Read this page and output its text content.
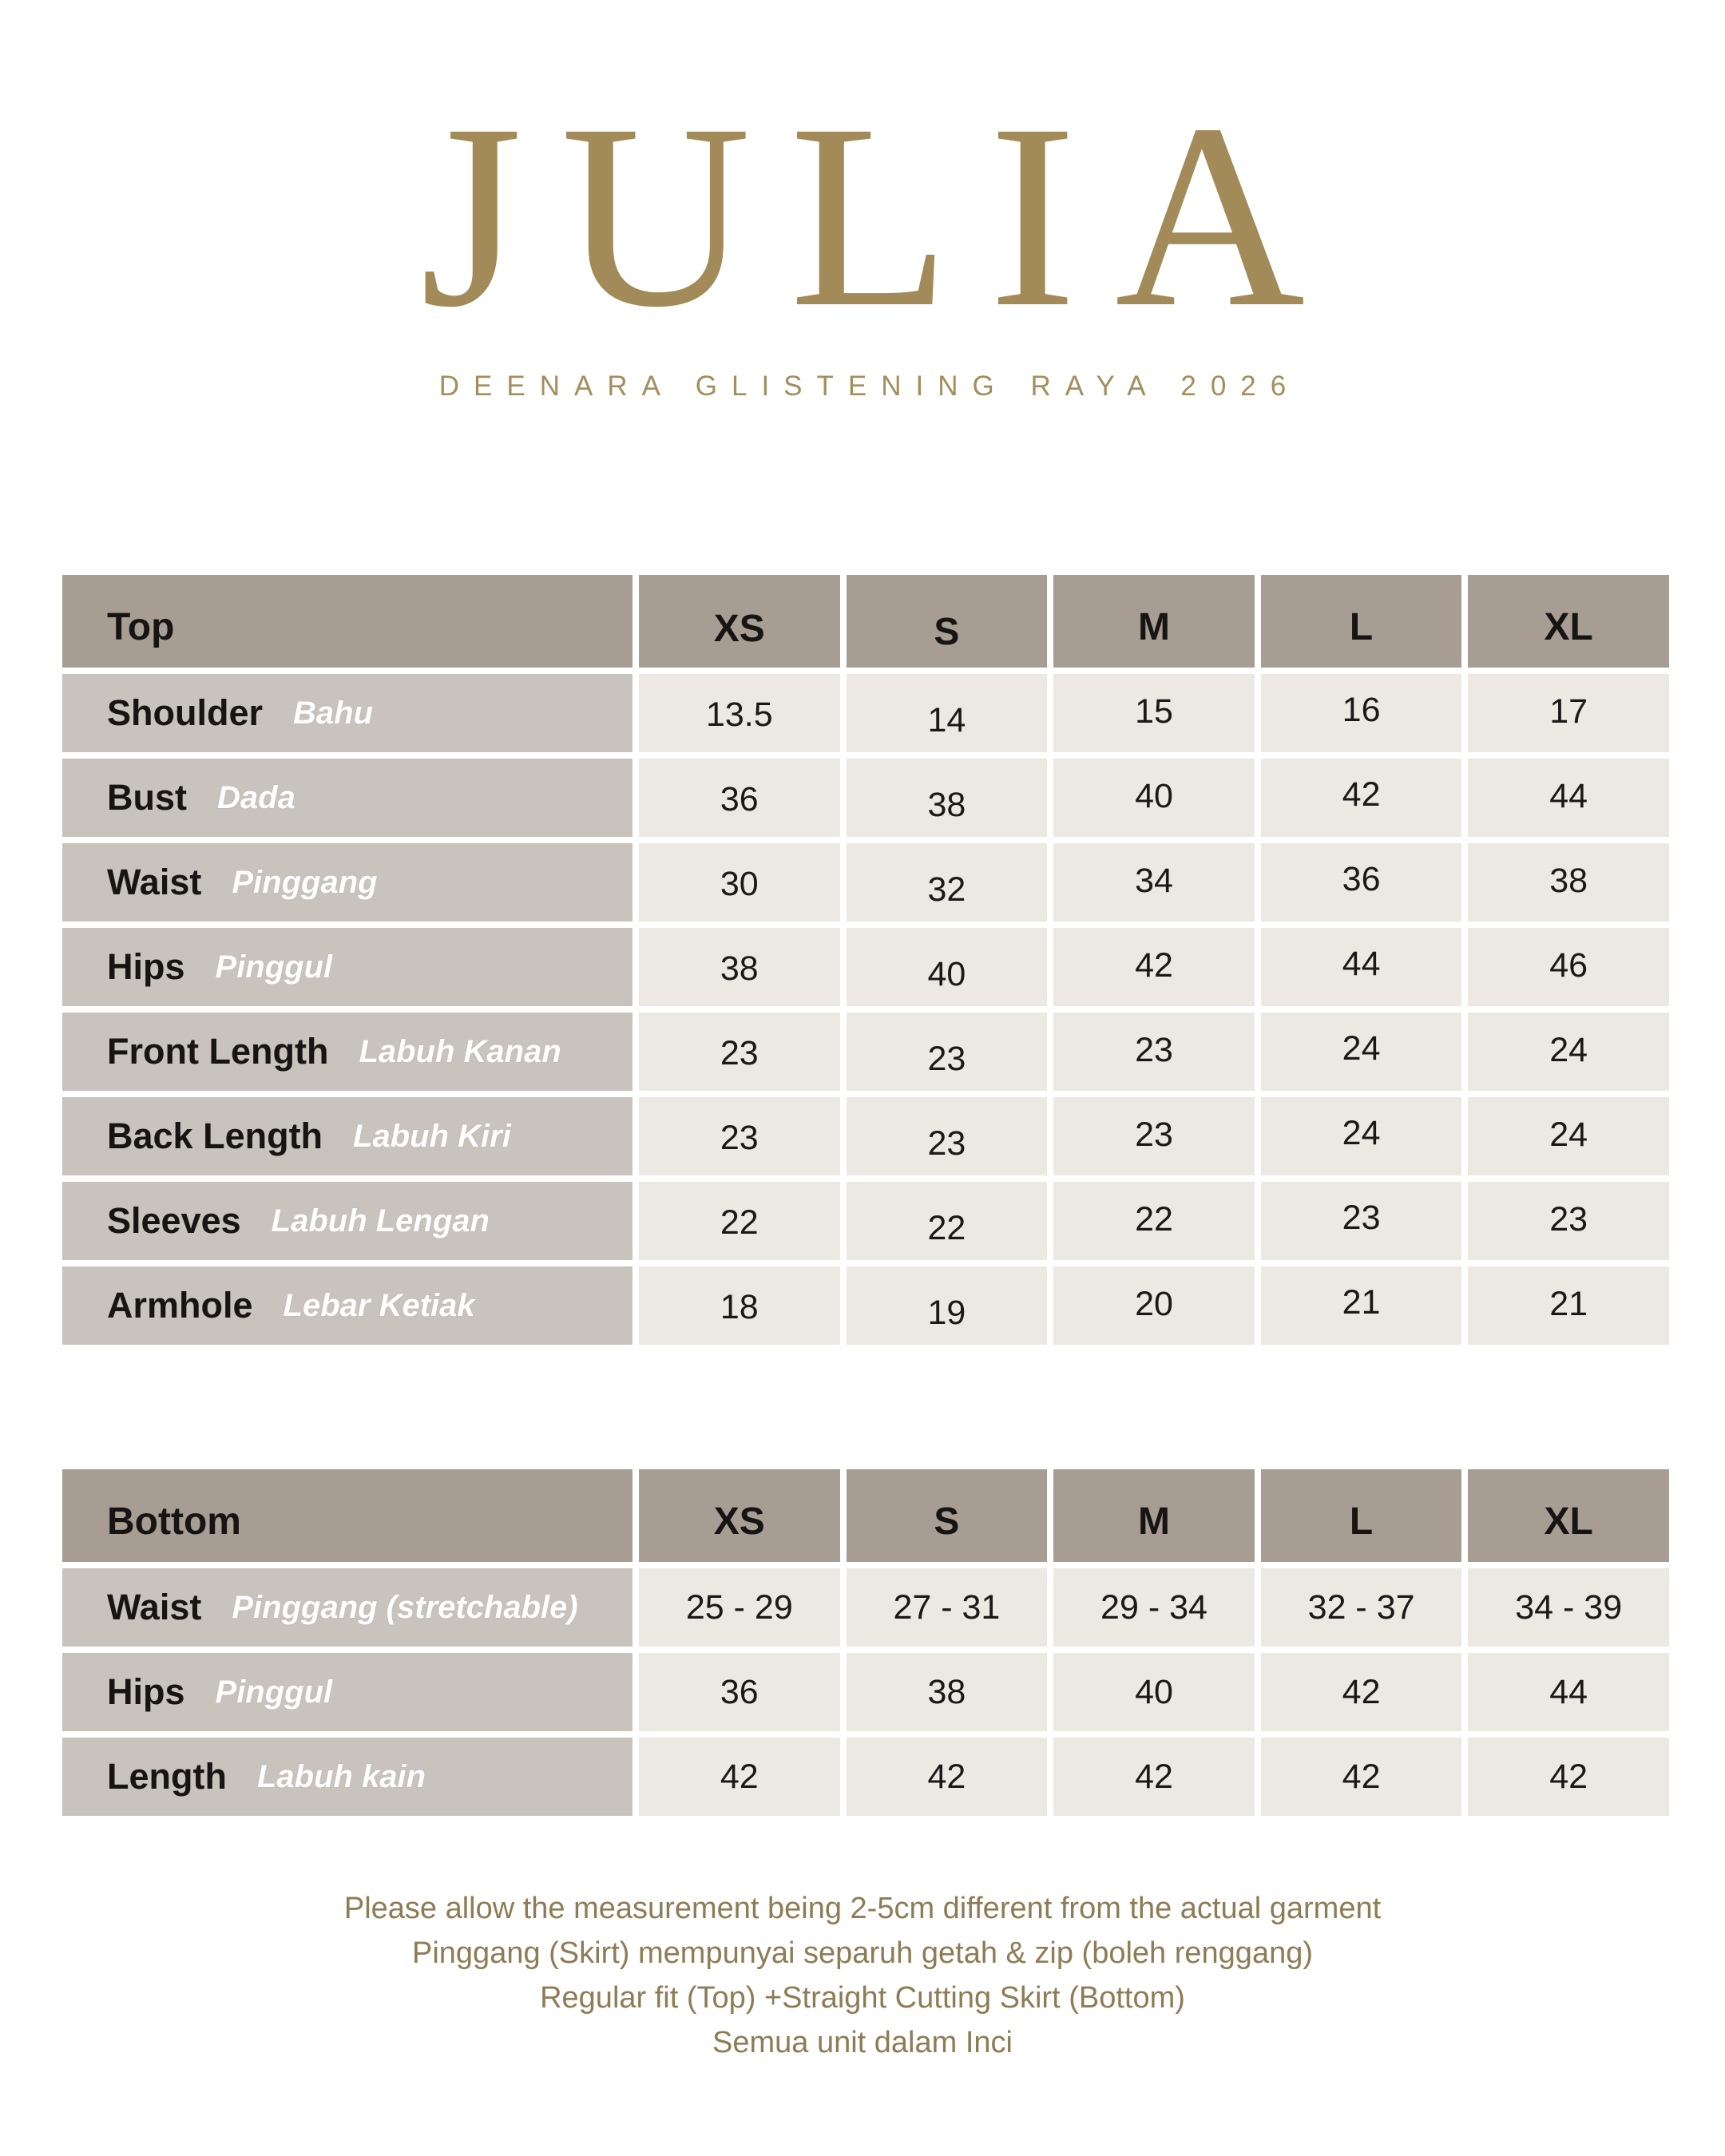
JULIA
DEENARA GLISTENING RAYA 2026
Top	XS	S	M	L	XL
Shoulder Bahu	13.5	14	15	16	17
Bust Dada	36	38	40	42	44
Waist Pinggang	30	32	34	36	38
Hips Pinggul	38	40	42	44	46
Front Length Labuh Kanan	23	23	23	24	24
Back Length Labuh Kiri	23	23	23	24	24
Sleeves Labuh Lengan	22	22	22	23	23
Armhole Lebar Ketiak	18	19	20	21	21
Bottom	XS	S	M	L	XL
Waist Pinggang (stretchable)	25 - 29	27 - 31	29 - 34	32 - 37	34 - 39
Hips Pinggul	36	38	40	42	44
Length Labuh kain	42	42	42	42	42
Please allow the measurement being 2-5cm different from the actual garment
Pinggang (Skirt) mempunyai separuh getah & zip (boleh renggang)
Regular fit (Top) +Straight Cutting Skirt (Bottom)
Semua unit dalam Inci
